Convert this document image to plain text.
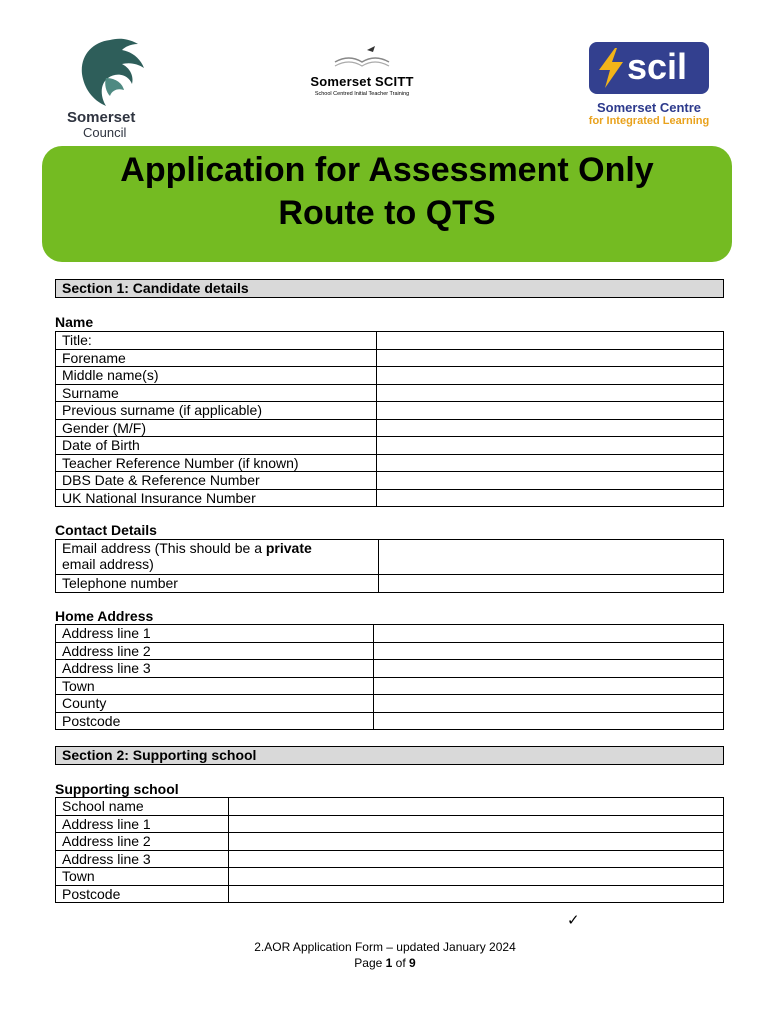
Somerset
Council
Somerset SCITT
School Centred Initial Teacher Training
scil
Somerset Centre
for Integrated Learning
Application for Assessment Only
Route to QTS
Section 1: Candidate details
Name
Title:	
Forename	
Middle name(s)	
Surname	
Previous surname (if applicable)	
Gender (M/F)	
Date of Birth	
Teacher Reference Number (if known)	
DBS Date & Reference Number	
UK National Insurance Number	
Contact Details
Email address (This should be a private
email address)	
Telephone number	
Home Address
Address line 1	
Address line 2	
Address line 3	
Town	
County	
Postcode	
Section 2: Supporting school
Supporting school
School name	
Address line 1	
Address line 2	
Address line 3	
Town	
Postcode	
✓
2.AOR Application Form – updated January 2024
Page 1 of 9
